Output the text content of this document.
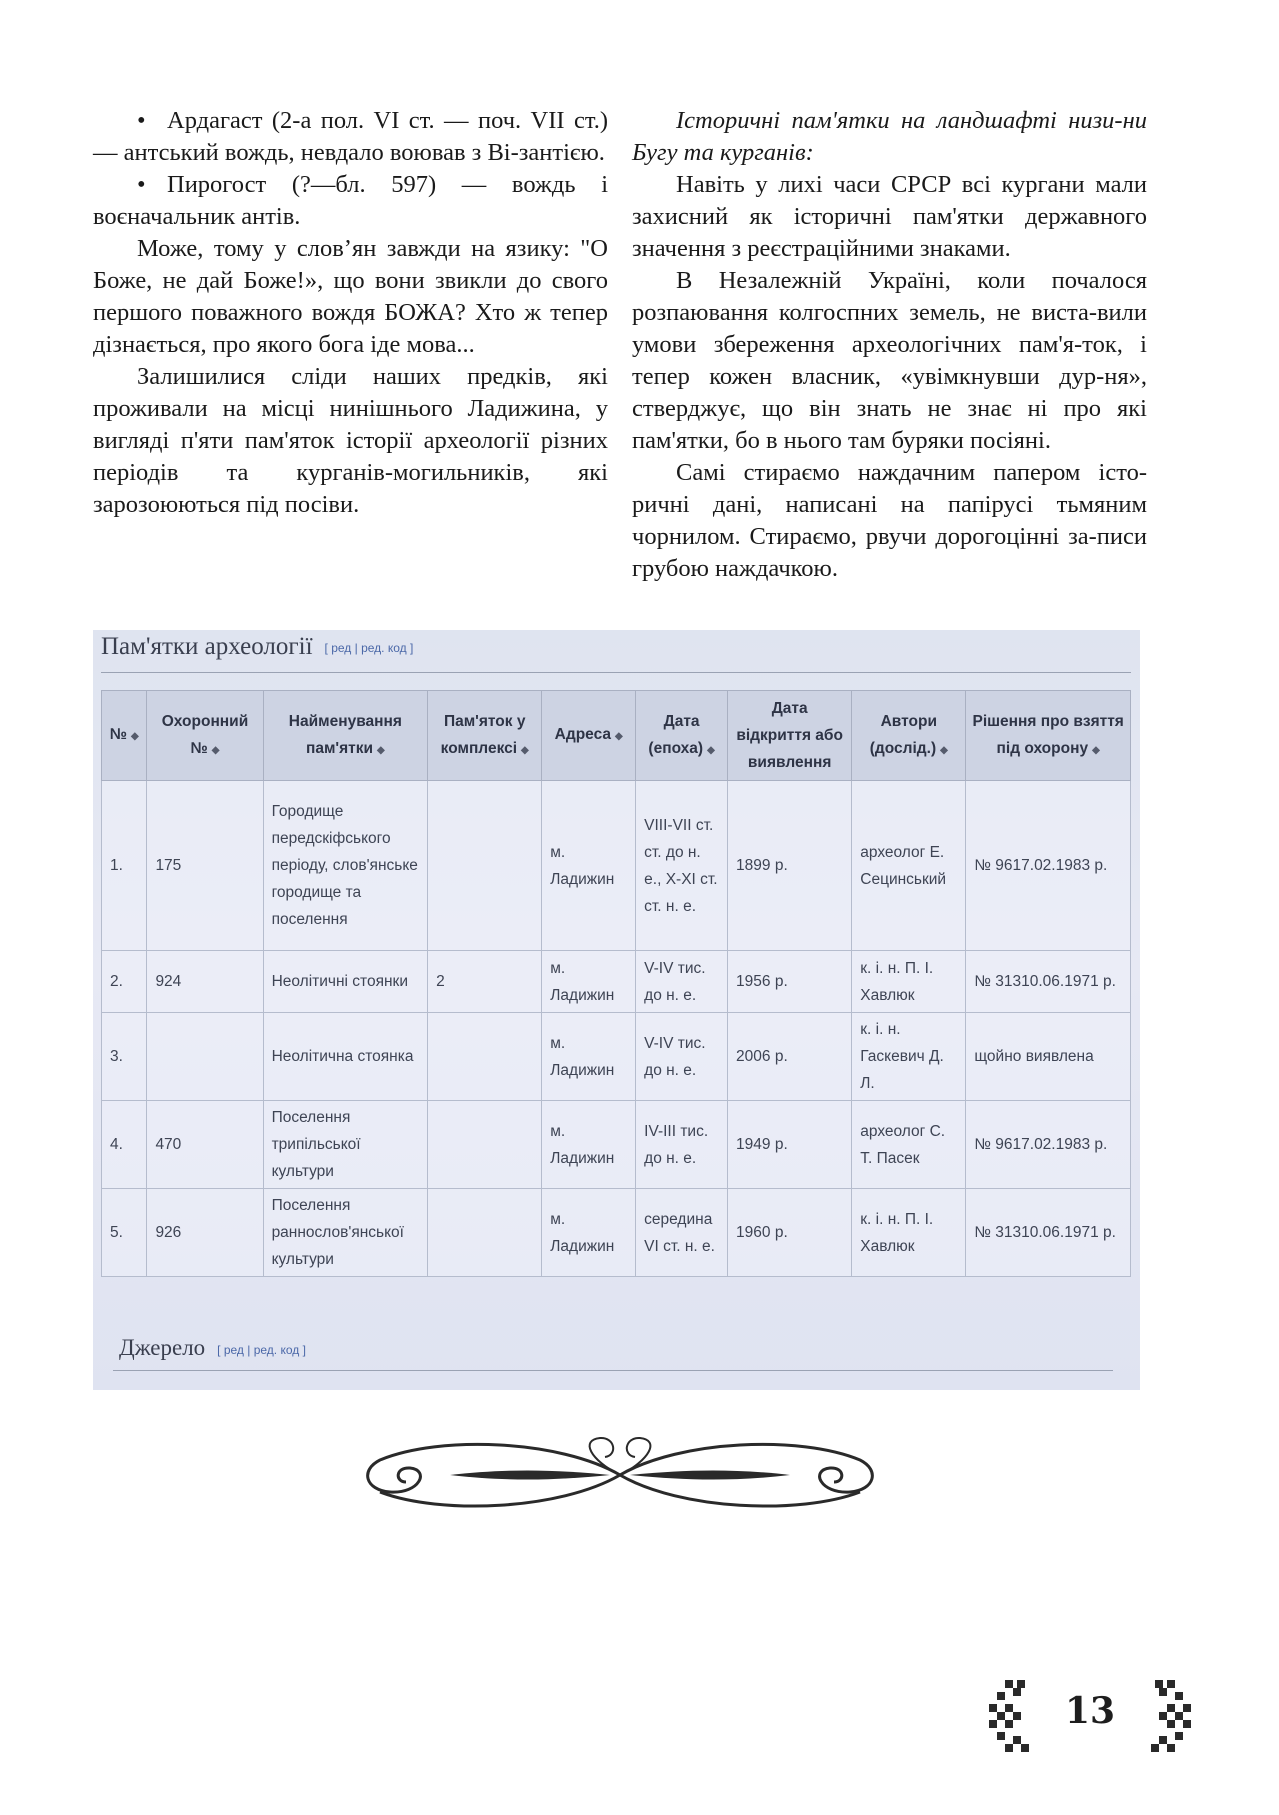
• Ардагаст (2-а пол. VI ст. — поч. VII ст.) — антський вождь, невдало воював з Ві-зантією.

• Пирогост (?—бл. 597) — вождь і воєначальник антів.

Може, тому у слов’ян завжди на язику: "О Боже, не дай Боже!», що вони звикли до свого першого поважного вождя БОЖА? Хто ж тепер дізнається, про якого бога іде мова...

Залишилися сліди наших предків, які проживали на місці нинішнього Ладижина, у вигляді п'яти пам'яток історії археології різних періодів та курганів-могильників, які зарозоюються під посіви.

Історичні пам'ятки на ландшафті низи-ни Бугу та курганів:

Навіть у лихі часи СРСР всі кургани мали захисний як історичні пам'ятки державного значення з реєстраційними знаками.

В Незалежній Україні, коли почалося розпаювання колгоспних земель, не виста-вили умови збереження археологічних пам'я-ток, і тепер кожен власник, «увімкнувши дур-ня», стверджує, що він знать не знає ні про які пам'ятки, бо в нього там буряки посіяні.

Самі стираємо наждачним папером істо-ричні дані, написані на папірусі тьмяним чорнилом. Стираємо, рвучи дорогоцінні за-писи грубою наждачкою.

Пам'ятки археології [ ред | ред. код ]
№ ◆	Охоронний № ◆	Найменування пам'ятки ◆	Пам'яток у комплексі ◆	Адреса ◆	Дата (епоха) ◆	Дата відкриття або виявлення	Автори (дослід.) ◆	Рішення про взяття під охорону ◆
1.	175	Городище передскіфського періоду, слов'янське городище та поселення		м. Ладижин	VIII-VII ст. ст. до н. е., X-XI ст. ст. н. е.	1899 р.	археолог Е. Сецинський	№ 9617.02.1983 р.
2.	924	Неолітичні стоянки	2	м. Ладижин	V-IV тис. до н. е.	1956 р.	к. і. н. П. І. Хавлюк	№ 31310.06.1971 р.
3.		Неолітична стоянка		м. Ладижин	V-IV тис. до н. е.	2006 р.	к. і. н. Гаскевич Д. Л.	щойно виявлена
4.	470	Поселення трипільської культури		м. Ладижин	IV-III тис. до н. е.	1949 р.	археолог С. Т. Пасек	№ 9617.02.1983 р.
5.	926	Поселення раннослов'янської культури		м. Ладижин	середина VI ст. н. е.	1960 р.	к. і. н. П. І. Хавлюк	№ 31310.06.1971 р.
Джерело [ ред | ред. код ]
13
